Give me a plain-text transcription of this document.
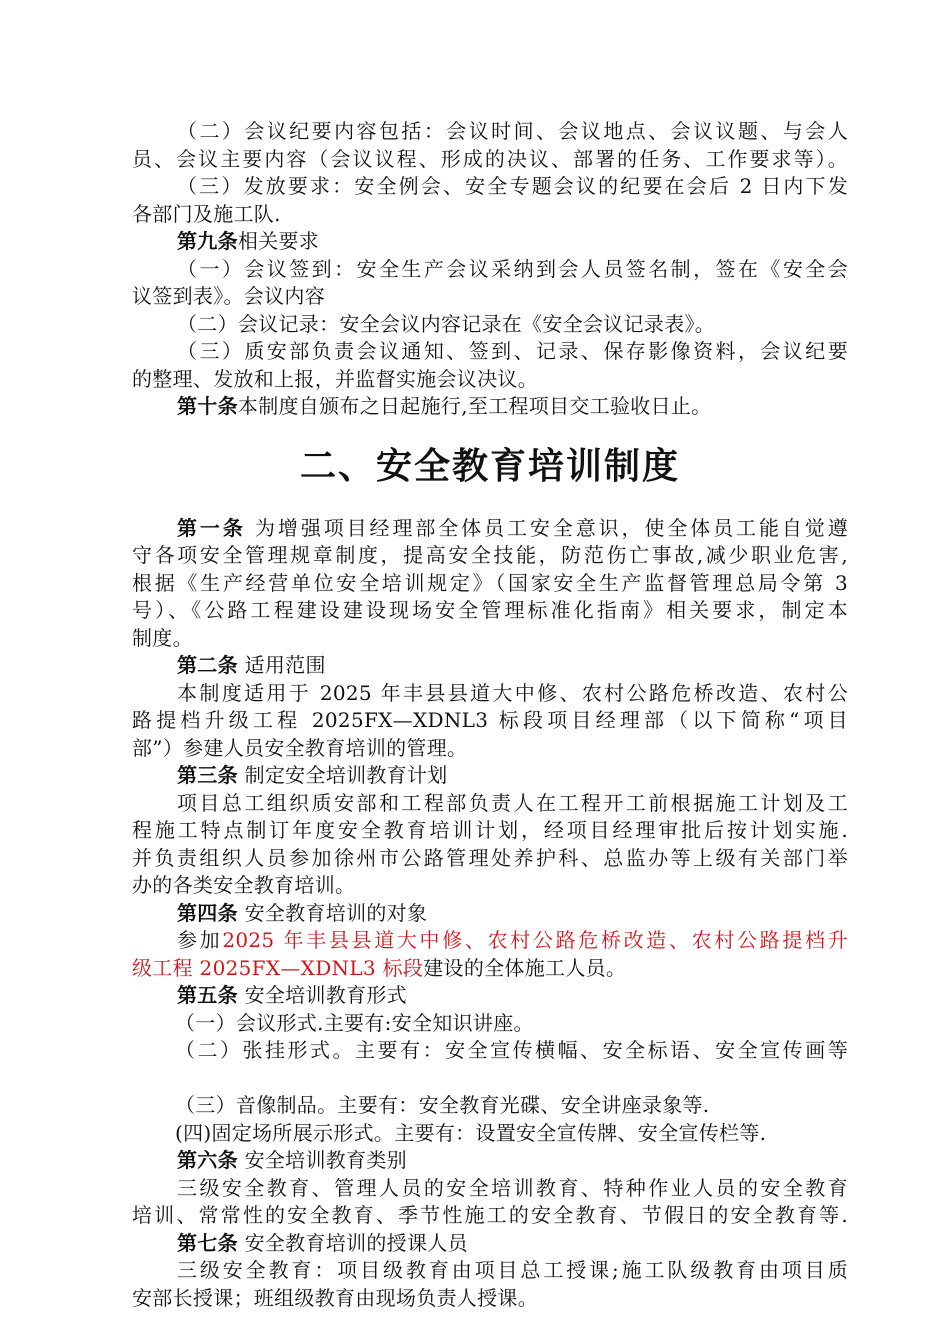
（二）会议纪要内容包括：会议时间、会议地点、会议议题、与会人
员、会议主要内容（会议议程、形成的决议、部署的任务、工作要求等）。
（三）发放要求：安全例会、安全专题会议的纪要在会后 2 日内下发
各部门及施工队.
第九条相关要求
（一）会议签到：安全生产会议采纳到会人员签名制，签在《安全会
议签到表》。会议内容
（二）会议记录：安全会议内容记录在《安全会议记录表》。
（三）质安部负责会议通知、签到、记录、保存影像资料，会议纪要
的整理、发放和上报，并监督实施会议决议。
第十条本制度自颁布之日起施行,至工程项目交工验收日止。
二、安全教育培训制度
第一条 为增强项目经理部全体员工安全意识，使全体员工能自觉遵
守各项安全管理规章制度，提高安全技能，防范伤亡事故,减少职业危害,
根据《生产经营单位安全培训规定》（国家安全生产监督管理总局令第 3
号）、《公路工程建设建设现场安全管理标准化指南》相关要求，制定本
制度。
第二条 适用范围
本制度适用于 2025 年丰县县道大中修、农村公路危桥改造、农村公
路提档升级工程 2025FX—XDNL3 标段项目经理部（以下简称“项目
部”）参建人员安全教育培训的管理。
第三条 制定安全培训教育计划
项目总工组织质安部和工程部负责人在工程开工前根据施工计划及工
程施工特点制订年度安全教育培训计划，经项目经理审批后按计划实施.
并负责组织人员参加徐州市公路管理处养护科、总监办等上级有关部门举
办的各类安全教育培训。
第四条 安全教育培训的对象
参加2025 年丰县县道大中修、农村公路危桥改造、农村公路提档升
级工程 2025FX—XDNL3 标段建设的全体施工人员。
第五条 安全培训教育形式
（一）会议形式.主要有:安全知识讲座。
（二）张挂形式。主要有：安全宣传横幅、安全标语、安全宣传画等
（三）音像制品。主要有：安全教育光碟、安全讲座录象等.
(四)固定场所展示形式。主要有：设置安全宣传牌、安全宣传栏等.
第六条 安全培训教育类别
三级安全教育、管理人员的安全培训教育、特种作业人员的安全教育
培训、常常性的安全教育、季节性施工的安全教育、节假日的安全教育等.
第七条 安全教育培训的授课人员
三级安全教育：项目级教育由项目总工授课;施工队级教育由项目质
安部长授课；班组级教育由现场负责人授课。
